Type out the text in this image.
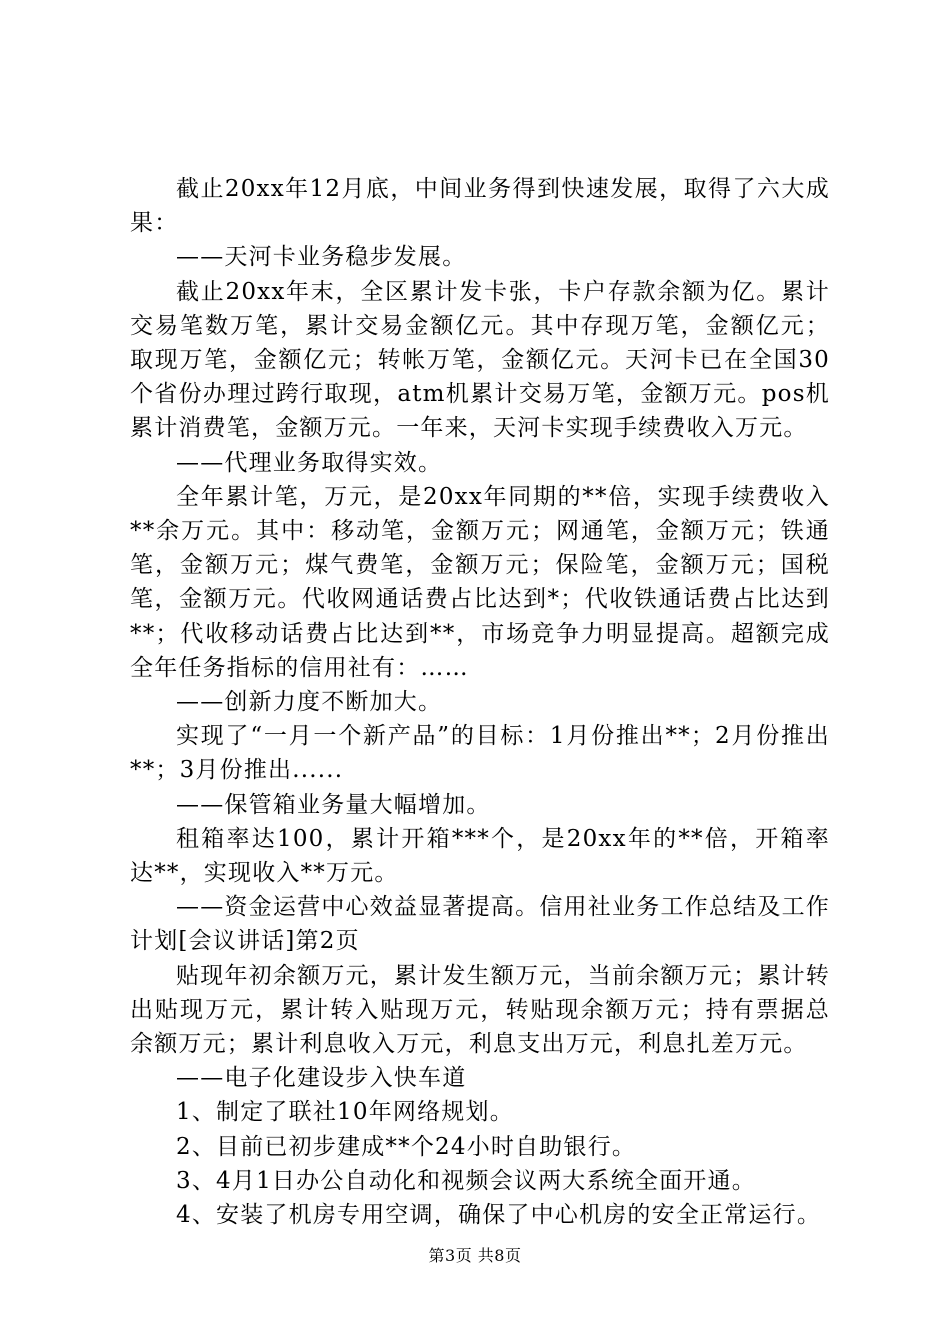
截止20xx年12月底，中间业务得到快速发展，取得了六大成果：

——天河卡业务稳步发展。

截止20xx年末，全区累计发卡张，卡户存款余额为亿。累计交易笔数万笔，累计交易金额亿元。其中存现万笔，金额亿元；取现万笔，金额亿元；转帐万笔，金额亿元。天河卡已在全国30个省份办理过跨行取现，atm机累计交易万笔，金额万元。pos机累计消费笔，金额万元。一年来，天河卡实现手续费收入万元。

——代理业务取得实效。

全年累计笔，万元，是20xx年同期的**倍，实现手续费收入**余万元。其中：移动笔，金额万元；网通笔，金额万元；铁通笔，金额万元；煤气费笔，金额万元；保险笔，金额万元；国税笔，金额万元。代收网通话费占比达到*；代收铁通话费占比达到**；代收移动话费占比达到**，市场竞争力明显提高。超额完成全年任务指标的信用社有：……

——创新力度不断加大。

实现了“一月一个新产品”的目标：1月份推出**；2月份推出**；3月份推出......

——保管箱业务量大幅增加。

租箱率达100，累计开箱***个，是20xx年的**倍，开箱率达**，实现收入**万元。

——资金运营中心效益显著提高。信用社业务工作总结及工作计划[会议讲话]第2页

贴现年初余额万元，累计发生额万元，当前余额万元；累计转出贴现万元，累计转入贴现万元，转贴现余额万元；持有票据总余额万元；累计利息收入万元，利息支出万元，利息扎差万元。

——电子化建设步入快车道

1、制定了联社10年网络规划。

2、目前已初步建成**个24小时自助银行。

3、4月1日办公自动化和视频会议两大系统全面开通。

4、安装了机房专用空调，确保了中心机房的安全正常运行。

第3页 共8页
